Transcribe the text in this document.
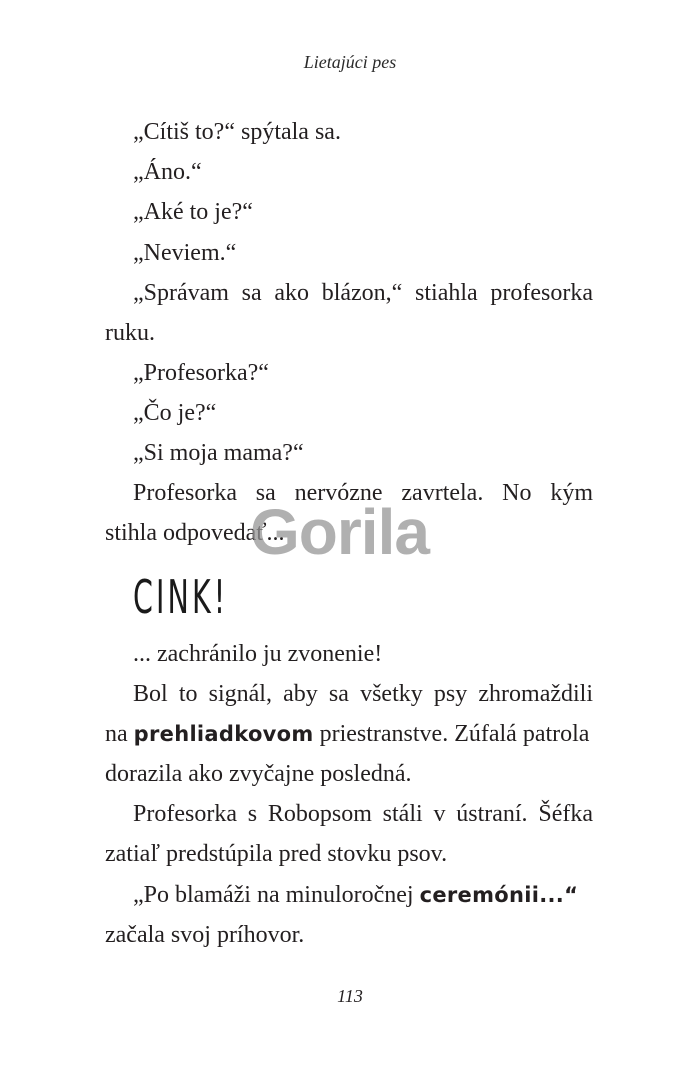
Lietajúci pes
„Cítiš to?“ spýtala sa.
„Áno.“
„Aké to je?“
„Neviem.“
„Správam sa ako blázon,“ stiahla profesorka
ruku.
„Profesorka?“
„Čo je?“
„Si moja mama?“
Profesorka sa nervózne zavrtela. No kým
stihla odpovedať...
CINK!
... zachránilo ju zvonenie!
Bol to signál, aby sa všetky psy zhromaždili
na prehliadkovom priestranstve. Zúfalá patrola
dorazila ako zvyčajne posledná.
Profesorka s Robopsom stáli v ústraní. Šéfka
zatiaľ predstúpila pred stovku psov.
„Po blamáži na minuloročnej ceremónii...“
začala svoj príhovor.
Gorila
113
